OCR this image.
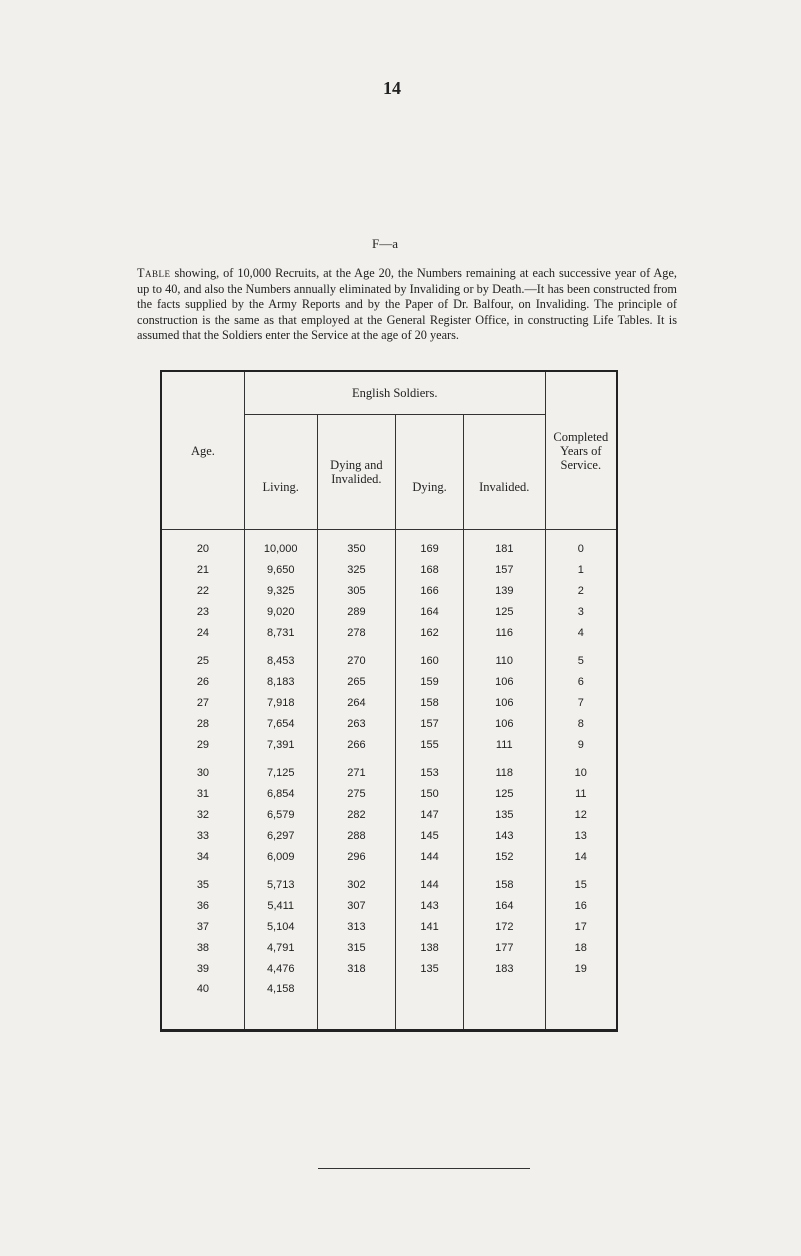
14
F—a
Table showing, of 10,000 Recruits, at the Age 20, the Numbers remaining at each successive year of Age, up to 40, and also the Numbers annually eliminated by Invaliding or by Death.—It has been constructed from the facts supplied by the Army Reports and by the Paper of Dr. Balfour, on Invaliding. The principle of construction is the same as that employed at the General Register Office, in constructing Life Tables. It is assumed that the Soldiers enter the Service at the age of 20 years.
Age.	English Soldiers.				Completed Years of Service.
	Living.	Dying and Invalided.	Dying.	Invalided.	
20	10,000	350	169	181	0
21	9,650	325	168	157	1
22	9,325	305	166	139	2
23	9,020	289	164	125	3
24	8,731	278	162	116	4
25	8,453	270	160	110	5
26	8,183	265	159	106	6
27	7,918	264	158	106	7
28	7,654	263	157	106	8
29	7,391	266	155	111	9
30	7,125	271	153	118	10
31	6,854	275	150	125	11
32	6,579	282	147	135	12
33	6,297	288	145	143	13
34	6,009	296	144	152	14
35	5,713	302	144	158	15
36	5,411	307	143	164	16
37	5,104	313	141	172	17
38	4,791	315	138	177	18
39	4,476	318	135	183	19
40	4,158				
